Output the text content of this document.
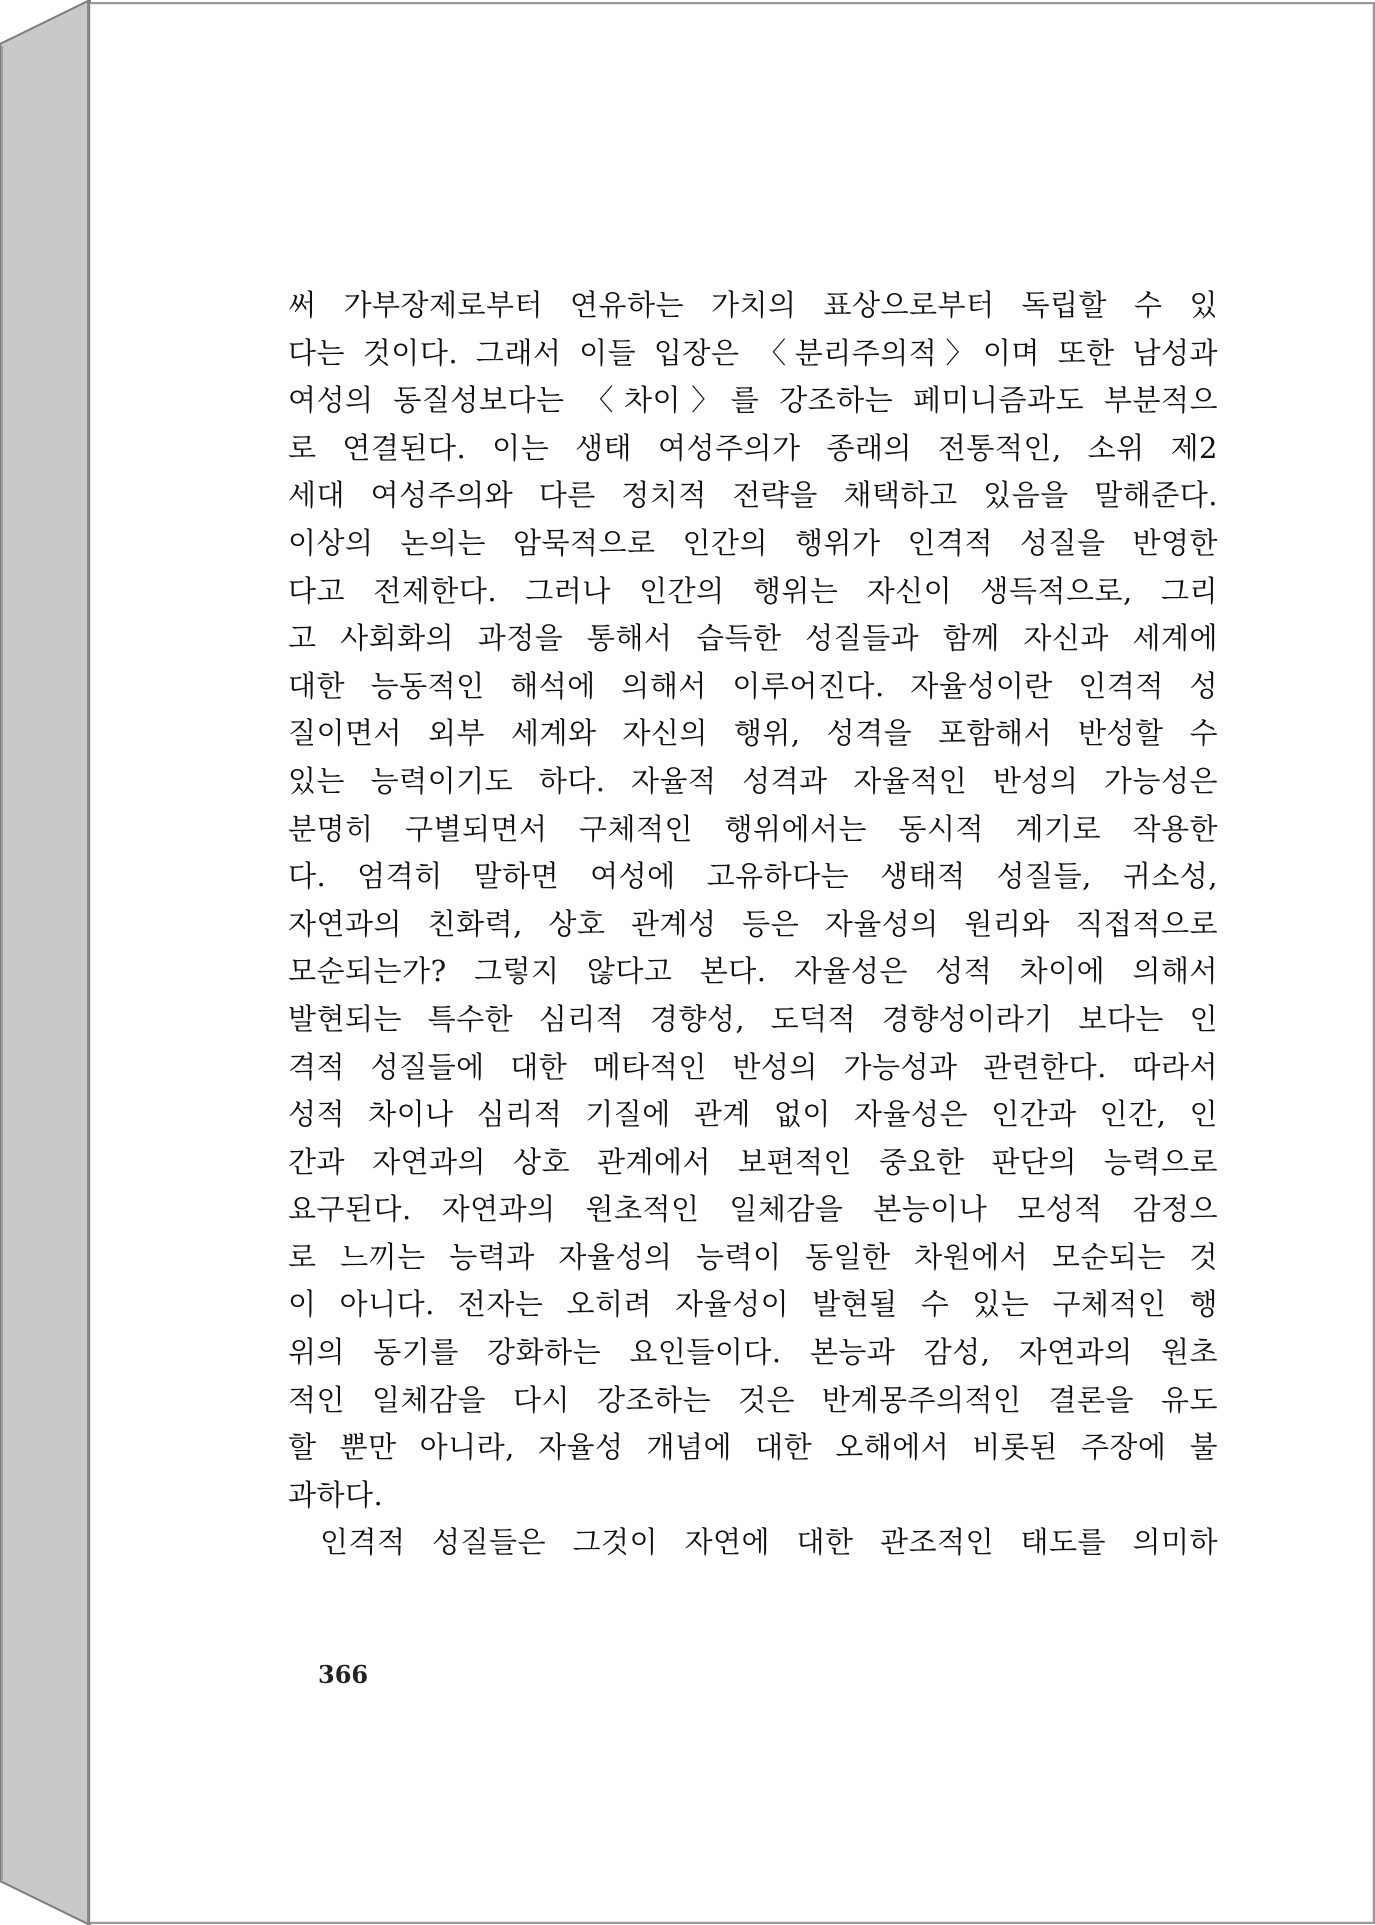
써 가부장제로부터 연유하는 가치의 표상으로부터 독립할 수 있
다는 것이다. 그래서 이들 입장은 〈분리주의적〉이며 또한 남성과
여성의 동질성보다는 〈차이〉를 강조하는 페미니즘과도 부분적으
로 연결된다. 이는 생태 여성주의가 종래의 전통적인, 소위 제2
세대 여성주의와 다른 정치적 전략을 채택하고 있음을 말해준다.
이상의 논의는 암묵적으로 인간의 행위가 인격적 성질을 반영한
다고 전제한다. 그러나 인간의 행위는 자신이 생득적으로, 그리
고 사회화의 과정을 통해서 습득한 성질들과 함께 자신과 세계에
대한 능동적인 해석에 의해서 이루어진다. 자율성이란 인격적 성
질이면서 외부 세계와 자신의 행위, 성격을 포함해서 반성할 수
있는 능력이기도 하다. 자율적 성격과 자율적인 반성의 가능성은
분명히 구별되면서 구체적인 행위에서는 동시적 계기로 작용한
다. 엄격히 말하면 여성에 고유하다는 생태적 성질들, 귀소성,
자연과의 친화력, 상호 관계성 등은 자율성의 원리와 직접적으로
모순되는가? 그렇지 않다고 본다. 자율성은 성적 차이에 의해서
발현되는 특수한 심리적 경향성, 도덕적 경향성이라기 보다는 인
격적 성질들에 대한 메타적인 반성의 가능성과 관련한다. 따라서
성적 차이나 심리적 기질에 관계 없이 자율성은 인간과 인간, 인
간과 자연과의 상호 관계에서 보편적인 중요한 판단의 능력으로
요구된다. 자연과의 원초적인 일체감을 본능이나 모성적 감정으
로 느끼는 능력과 자율성의 능력이 동일한 차원에서 모순되는 것
이 아니다. 전자는 오히려 자율성이 발현될 수 있는 구체적인 행
위의 동기를 강화하는 요인들이다. 본능과 감성, 자연과의 원초
적인 일체감을 다시 강조하는 것은 반계몽주의적인 결론을 유도
할 뿐만 아니라, 자율성 개념에 대한 오해에서 비롯된 주장에 불
과하다.
인격적 성질들은 그것이 자연에 대한 관조적인 태도를 의미하
366
